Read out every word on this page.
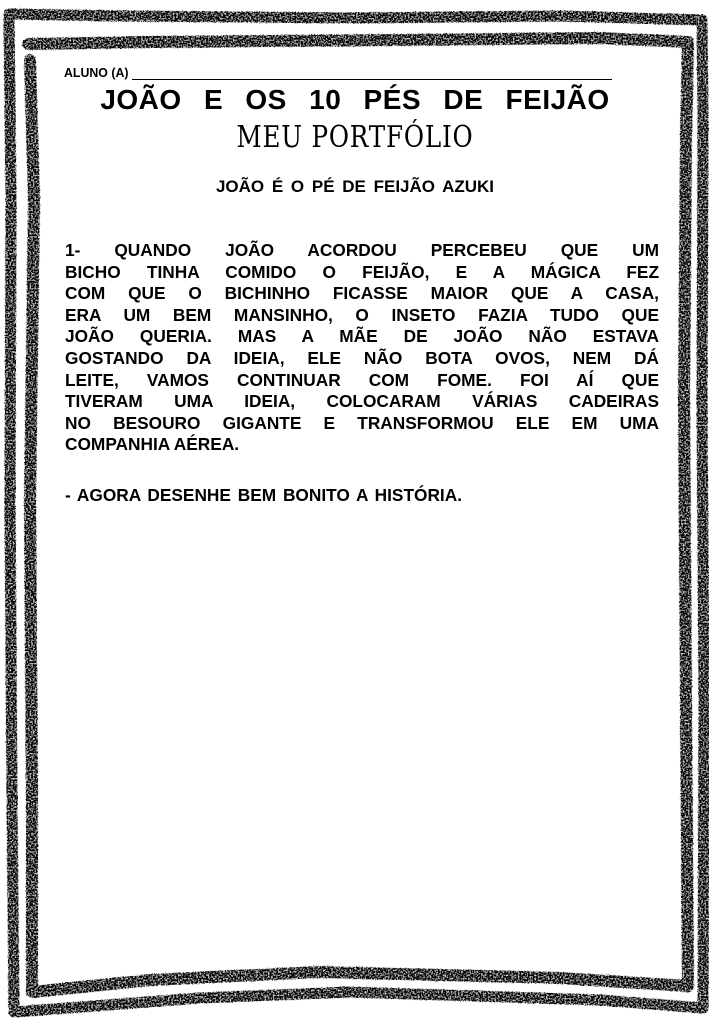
ALUNO (A)
JOÃO E OS 10 PÉS DE FEIJÃO
MEU PORTFÓLIO
JOÃO É O PÉ DE FEIJÃO AZUKI
1- QUANDO JOÃO ACORDOU PERCEBEU QUE UM
BICHO TINHA COMIDO O FEIJÃO, E A MÁGICA FEZ
COM QUE O BICHINHO FICASSE MAIOR QUE A CASA,
ERA UM BEM MANSINHO, O INSETO FAZIA TUDO QUE
JOÃO QUERIA. MAS A MÃE DE JOÃO NÃO ESTAVA
GOSTANDO DA IDEIA, ELE NÃO BOTA OVOS, NEM DÁ
LEITE, VAMOS CONTINUAR COM FOME. FOI AÍ QUE
TIVERAM UMA IDEIA, COLOCARAM VÁRIAS CADEIRAS
NO BESOURO GIGANTE E TRANSFORMOU ELE EM UMA
COMPANHIA AÉREA.
- AGORA DESENHE BEM BONITO A HISTÓRIA.
